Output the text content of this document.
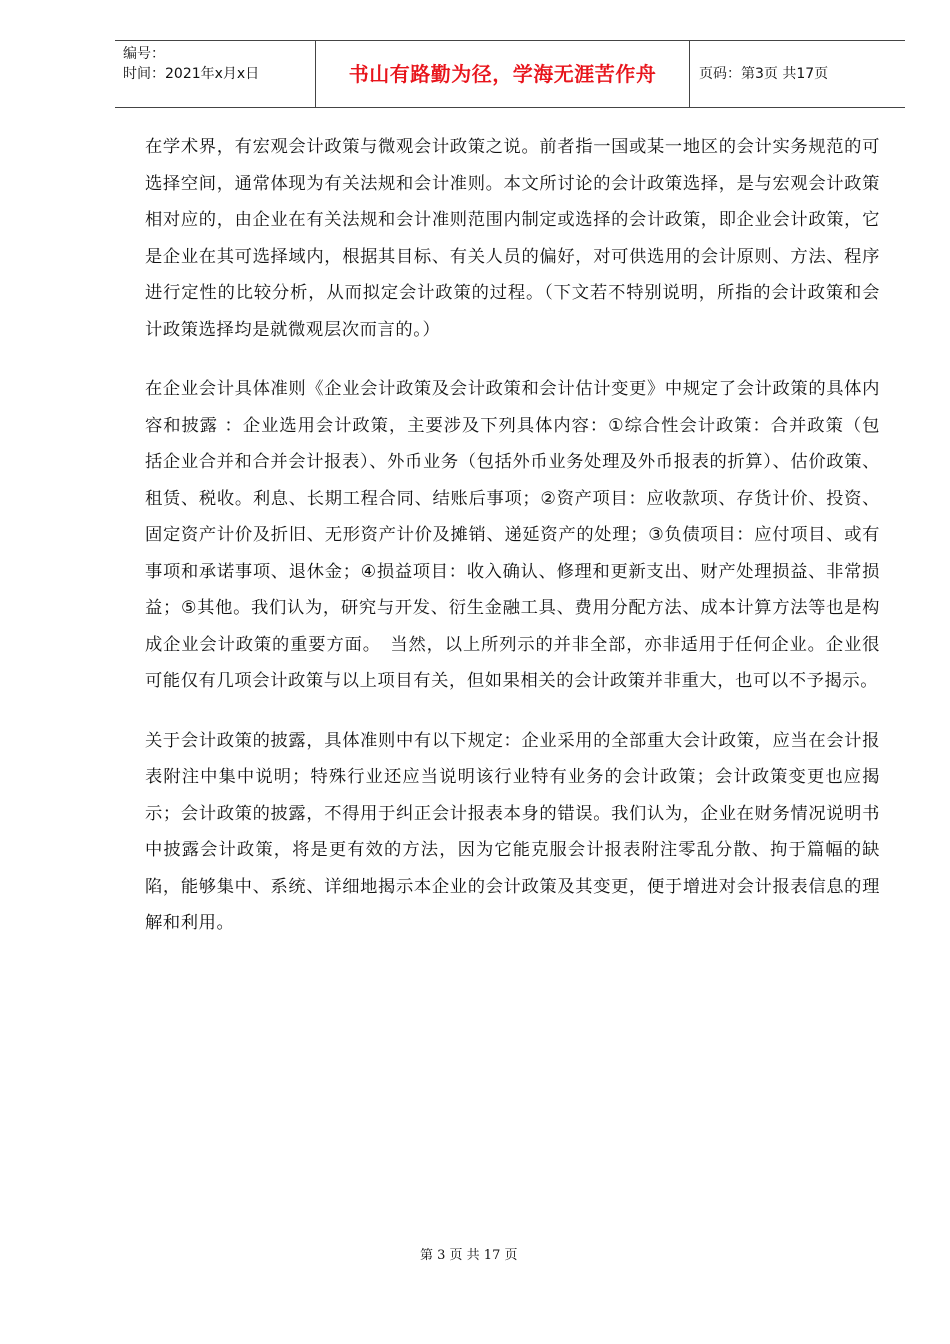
编号：
时间：2021年x月x日	书山有路勤为径，学海无涯苦作舟	页码：第3页 共17页

在学术界，有宏观会计政策与微观会计政策之说。前者指一国或某一地区的会计实务规范的可选择空间，通常体现为有关法规和会计准则。本文所讨论的会计政策选择，是与宏观会计政策相对应的，由企业在有关法规和会计准则范围内制定或选择的会计政策，即企业会计政策，它是企业在其可选择域内，根据其目标、有关人员的偏好，对可供选用的会计原则、方法、程序进行定性的比较分析，从而拟定会计政策的过程。（下文若不特别说明，所指的会计政策和会计政策选择均是就微观层次而言的。）

在企业会计具体准则《企业会计政策及会计政策和会计估计变更》中规定了会计政策的具体内容和披露 ：企业选用会计政策，主要涉及下列具体内容：①综合性会计政策：合并政策（包括企业合并和合并会计报表）、外币业务（包括外币业务处理及外币报表的折算）、估价政策、租赁、税收。利息、长期工程合同、结账后事项；②资产项目：应收款项、存货计价、投资、固定资产计价及折旧、无形资产计价及摊销、递延资产的处理；③负债项目：应付项目、或有事项和承诺事项、退休金；④损益项目：收入确认、修理和更新支出、财产处理损益、非常损益；⑤其他。我们认为，研究与开发、衍生金融工具、费用分配方法、成本计算方法等也是构成企业会计政策的重要方面。　当然，以上所列示的并非全部，亦非适用于任何企业。企业很可能仅有几项会计政策与以上项目有关，但如果相关的会计政策并非重大，也可以不予揭示。

关于会计政策的披露，具体准则中有以下规定：企业采用的全部重大会计政策，应当在会计报表附注中集中说明；特殊行业还应当说明该行业特有业务的会计政策；会计政策变更也应揭示；会计政策的披露，不得用于纠正会计报表本身的错误。我们认为，企业在财务情况说明书中披露会计政策，将是更有效的方法，因为它能克服会计报表附注零乱分散、拘于篇幅的缺陷，能够集中、系统、详细地揭示本企业的会计政策及其变更，便于增进对会计报表信息的理解和利用。

第 3 页 共 17 页
